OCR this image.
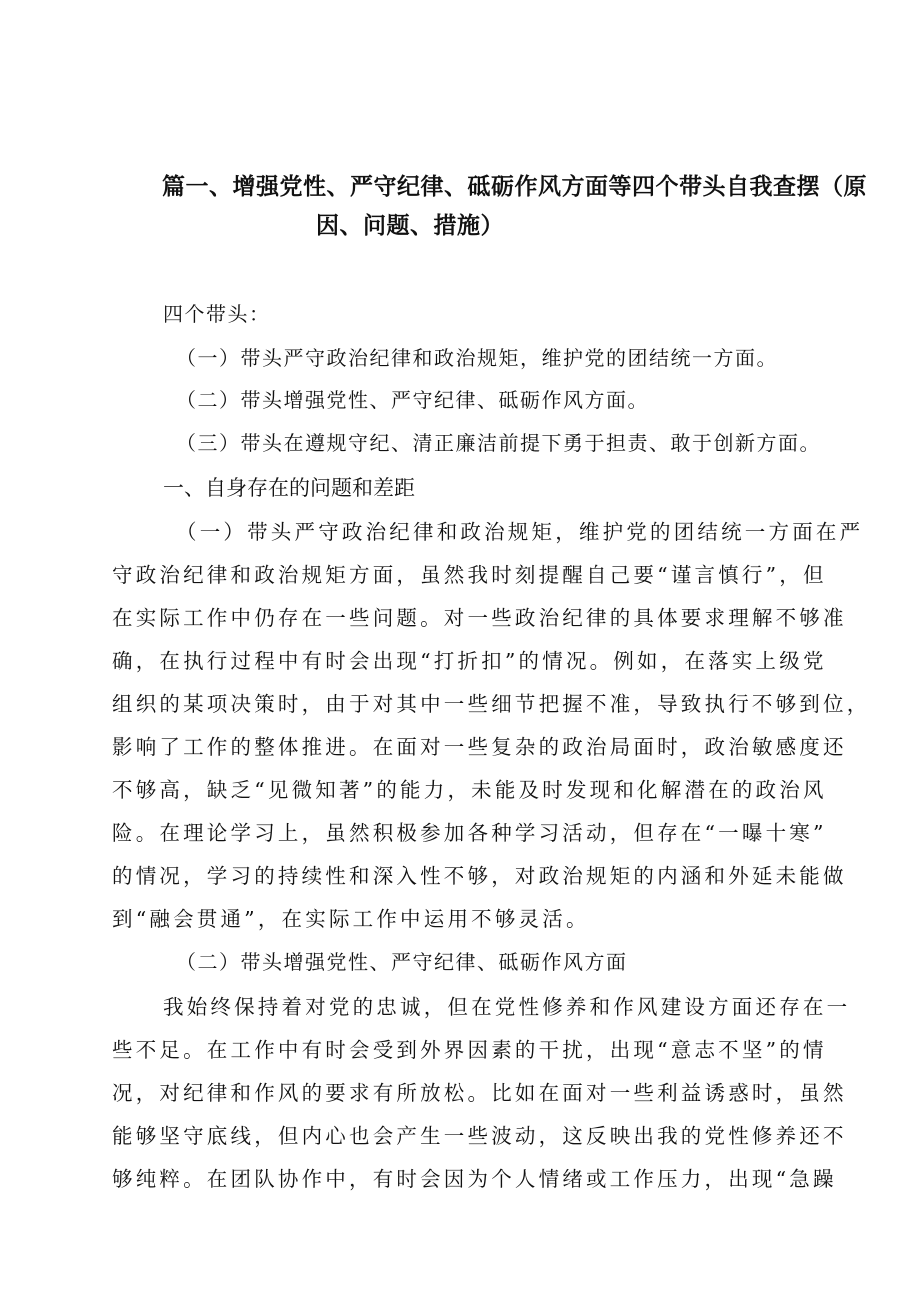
篇一、增强党性、严守纪律、砥砺作风方面等四个带头自我查摆（原
因、问题、措施）
四个带头：
（一）带头严守政治纪律和政治规矩，维护党的团结统一方面。
（二）带头增强党性、严守纪律、砥砺作风方面。
（三）带头在遵规守纪、清正廉洁前提下勇于担责、敢于创新方面。
一、自身存在的问题和差距
（一）带头严守政治纪律和政治规矩，维护党的团结统一方面在严
守政治纪律和政治规矩方面，虽然我时刻提醒自己要“谨言慎行”，但
在实际工作中仍存在一些问题。对一些政治纪律的具体要求理解不够准
确，在执行过程中有时会出现“打折扣”的情况。例如，在落实上级党
组织的某项决策时，由于对其中一些细节把握不准，导致执行不够到位，
影响了工作的整体推进。在面对一些复杂的政治局面时，政治敏感度还
不够高，缺乏“见微知著”的能力，未能及时发现和化解潜在的政治风
险。在理论学习上，虽然积极参加各种学习活动，但存在“一曝十寒”
的情况，学习的持续性和深入性不够，对政治规矩的内涵和外延未能做
到“融会贯通”，在实际工作中运用不够灵活。
（二）带头增强党性、严守纪律、砥砺作风方面
我始终保持着对党的忠诚，但在党性修养和作风建设方面还存在一
些不足。在工作中有时会受到外界因素的干扰，出现“意志不坚”的情
况，对纪律和作风的要求有所放松。比如在面对一些利益诱惑时，虽然
能够坚守底线，但内心也会产生一些波动，这反映出我的党性修养还不
够纯粹。在团队协作中，有时会因为个人情绪或工作压力，出现“急躁
